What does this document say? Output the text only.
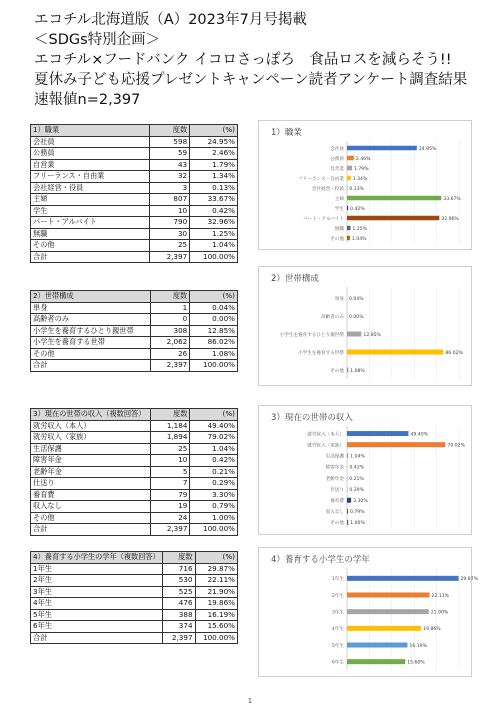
エコチル北海道版（A）2023年7月号掲載
＜SDGs特別企画＞
エコチル×フードバンク イコロさっぽろ　食品ロスを減らそう!!
夏休み子ども応援プレゼントキャンペーン読者アンケート調査結果
速報値n=2,397
1）職業	度数	(%)
会社員	598	24.95%
公務員	59	2.46%
自営業	43	1.79%
フリーランス・自由業	32	1.34%
会社経営・役員	3	0.13%
主婦	807	33.67%
学生	10	0.42%
パート・アルバイト	790	32.96%
無職	30	1.25%
その他	25	1.04%
合計	2,397	100.00%
2）世帯構成	度数	(%)
単身	1	0.04%
高齢者のみ	0	0.00%
小学生を養育するひとり親世帯	308	12.85%
小学生を養育する世帯	2,062	86.02%
その他	26	1.08%
合計	2,397	100.00%
3）現在の世帯の収入（複数回答）	度数	(%)
就労収入（本人）	1,184	49.40%
就労収入（家族）	1,894	79.02%
生活保護	25	1.04%
障害年金	10	0.42%
老齢年金	5	0.21%
仕送り	7	0.29%
養育費	79	3.30%
収入なし	19	0.79%
その他	24	1.00%
合計	2,397	100.00%
4）養育する小学生の学年（複数回答）	度数	(%)
1年生	716	29.87%
2年生	530	22.11%
3年生	525	21.90%
4年生	476	19.86%
5年生	388	16.19%
6年生	374	15.60%
合計	2,397	100.00%
1）職業
会社員	24.95%
公務員	2.46%
自営業 1.79%
フリーランス・自由業 1.34%
会社経営・役員 0.13%
主婦	33.67%
学生 0.42%
パート・アルバイト	32.96%
無職 1.25%
その他 1.04%
2）世帯構成
単身 0.04%
高齢者のみ 0.00%
小学生を養育するひとり親世帯	12.85%
小学生を養育する世帯	86.02%
その他 1.08%
3）現在の世帯の収入
就労収入（本人）	49.40%
就労収入（家族）	79.02%
生活保護 1.04%
障害年金 0.42%
老齢年金 0.21%
仕送り 0.29%
養育費 3.30%
収入なし 0.79%
その他 1.00%
4）養育する小学生の学年
1年生	29.87%
2年生	22.11%
3年生	21.90%
4年生	19.86%
5年生	16.19%
6年生	15.60%
1
